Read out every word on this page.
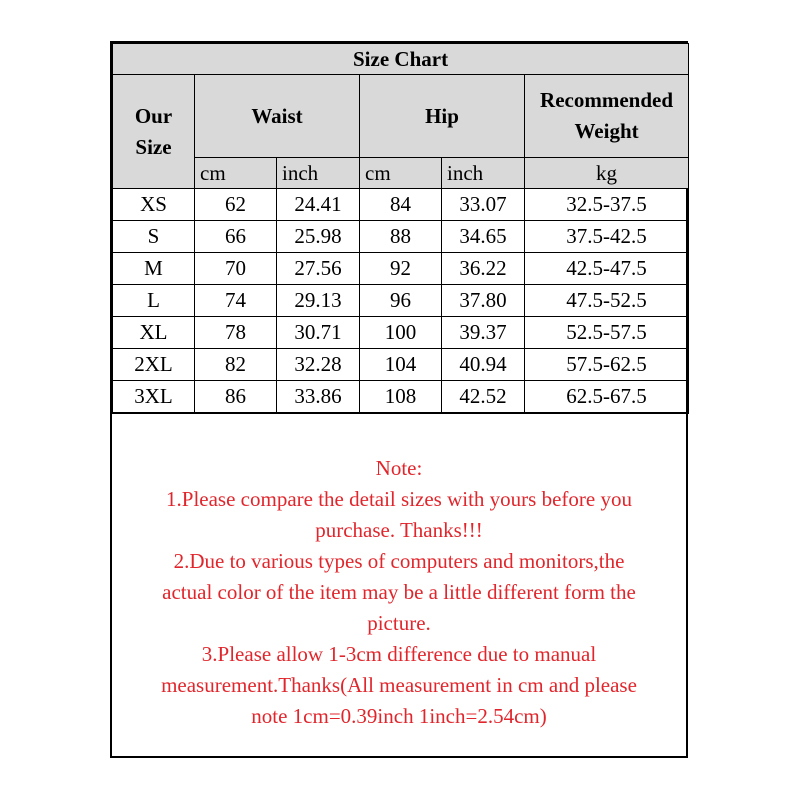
Size Chart					
Our Size	Waist		Hip		Recommended Weight
	cm	inch	cm	inch	kg
XS	62	24.41	84	33.07	32.5-37.5
S	66	25.98	88	34.65	37.5-42.5
M	70	27.56	92	36.22	42.5-47.5
L	74	29.13	96	37.80	47.5-52.5
XL	78	30.71	100	39.37	52.5-57.5
2XL	82	32.28	104	40.94	57.5-62.5
3XL	86	33.86	108	42.52	62.5-67.5
Note:
1.Please compare the detail sizes with yours before you
purchase. Thanks!!!
2.Due to various types of computers and monitors,the
actual color of the item may be a little different form the
picture.
3.Please allow 1-3cm difference due to manual
measurement.Thanks(All measurement in cm and please
note 1cm=0.39inch 1inch=2.54cm)
